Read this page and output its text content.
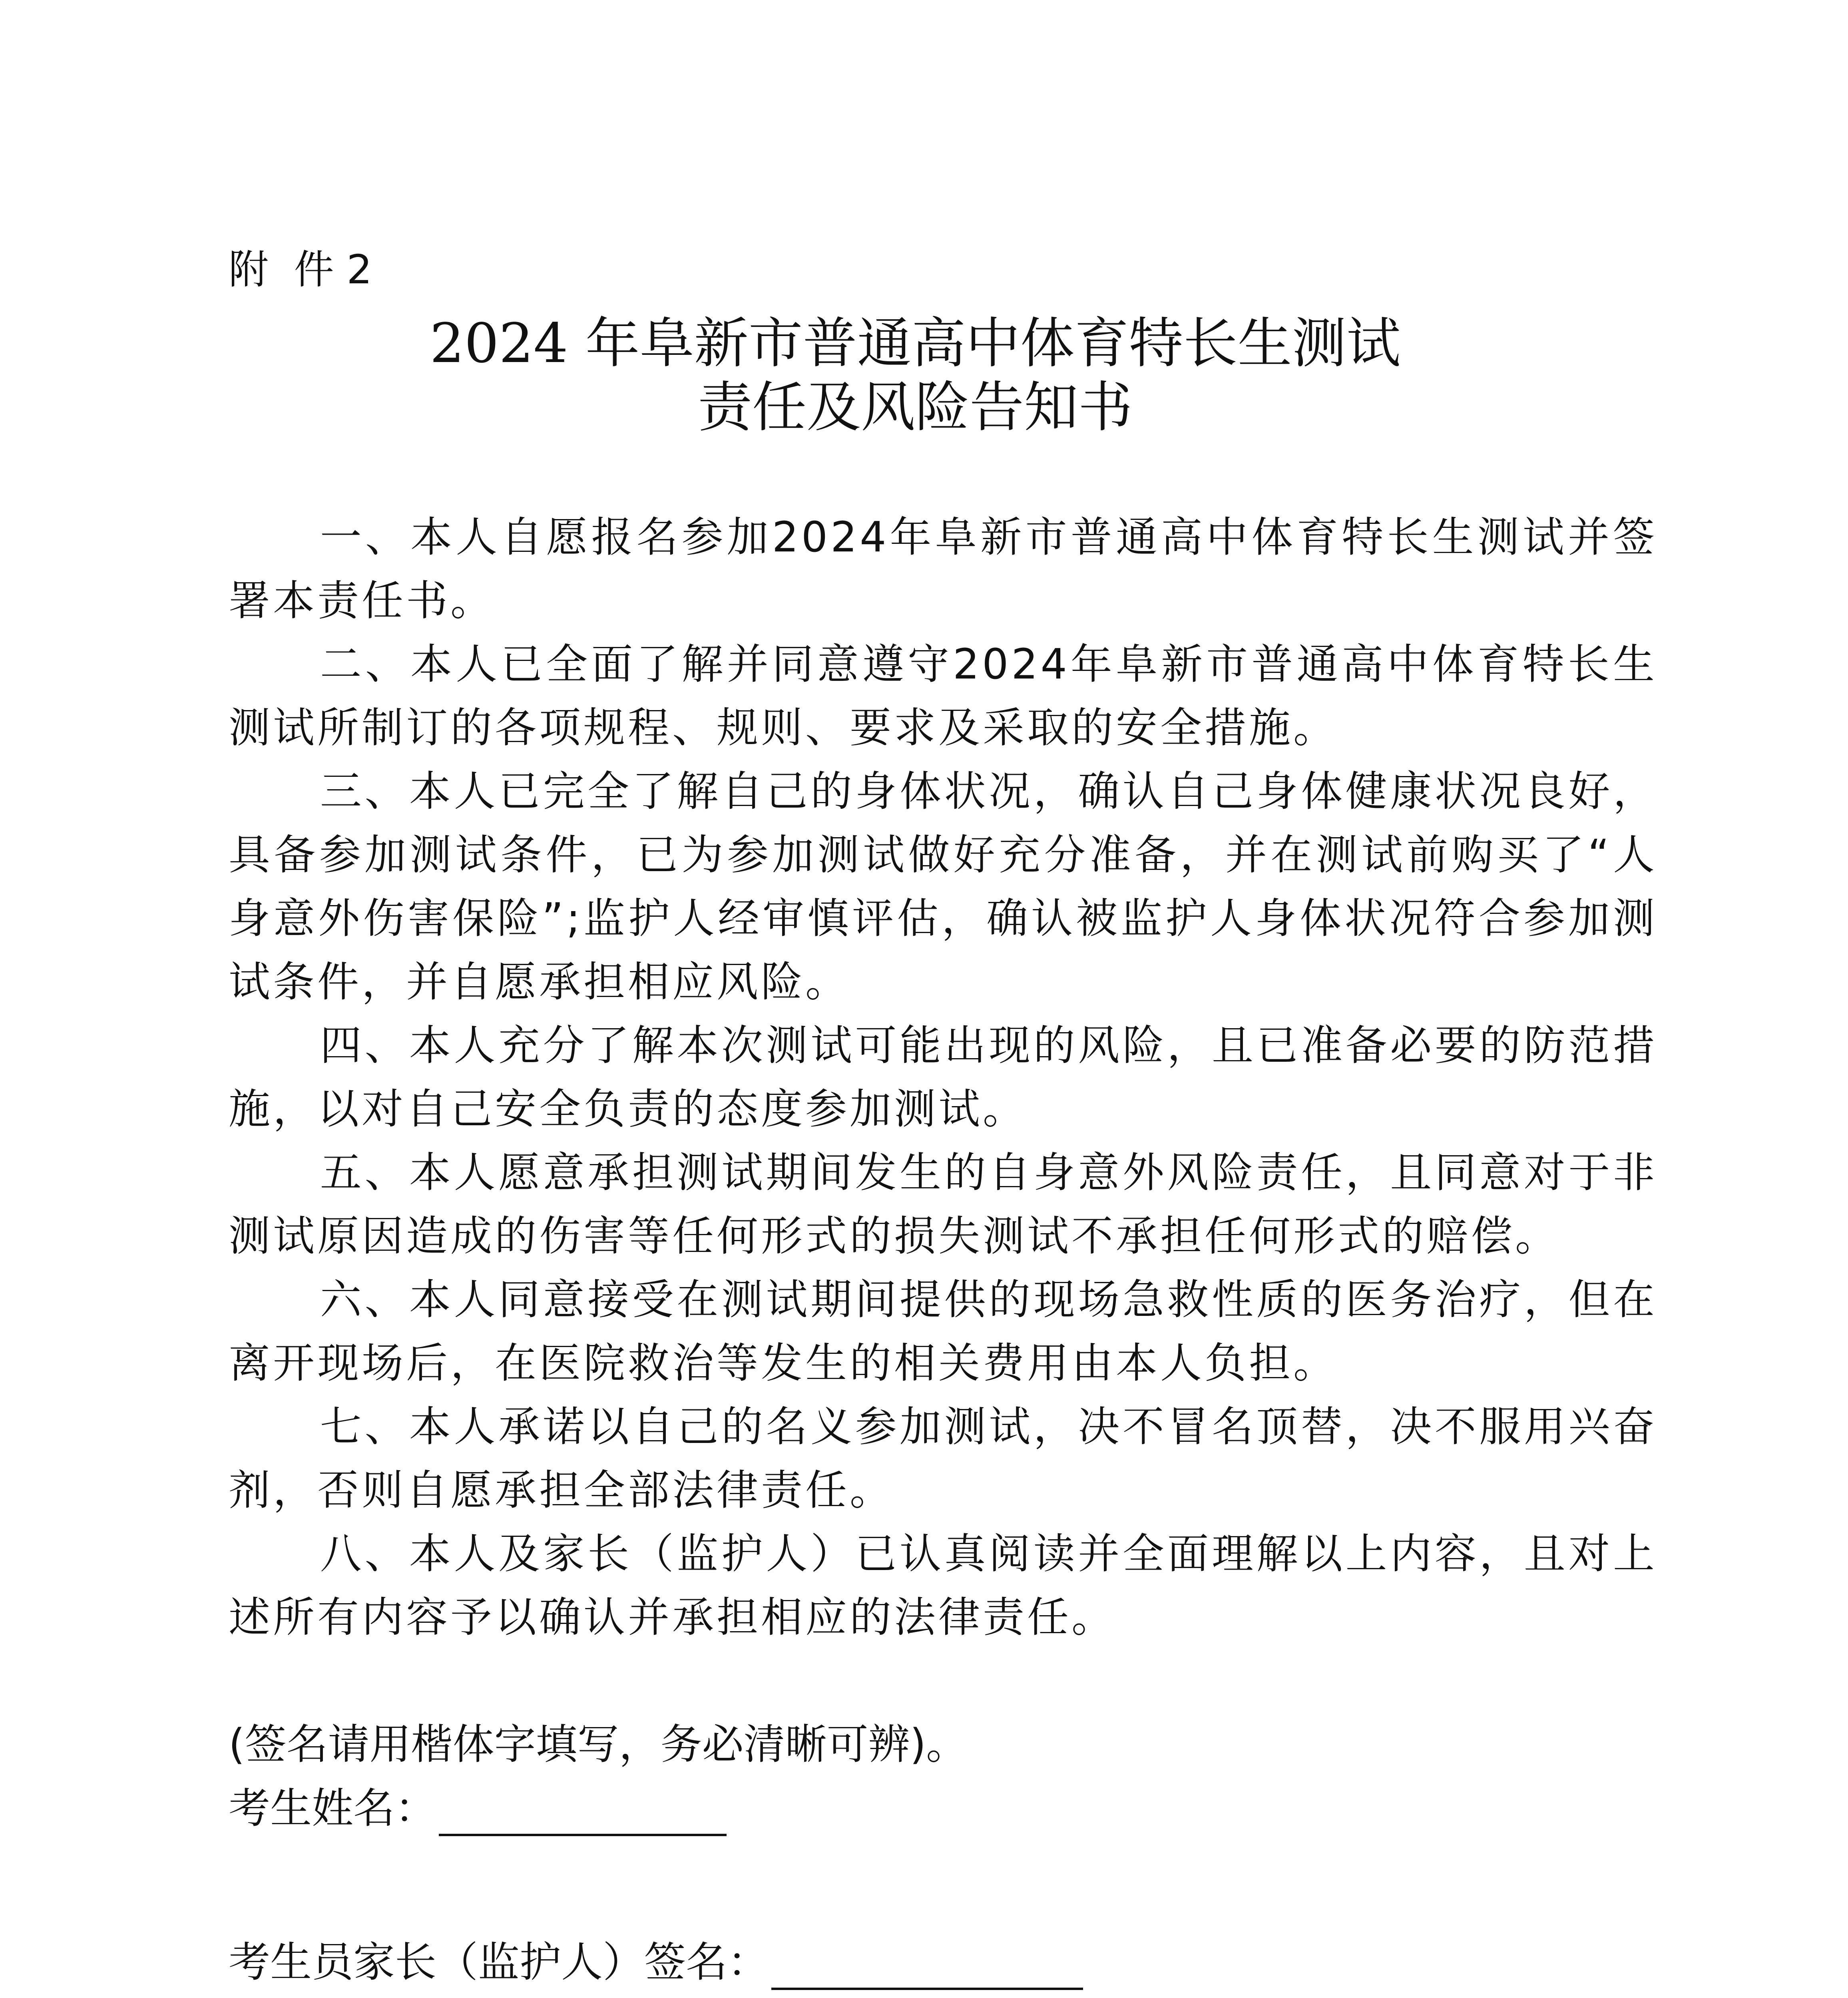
附  件 2
2024 年阜新市普通高中体育特长生测试
责任及风险告知书

一、本人自愿报名参加2024年阜新市普通高中体育特长生测试并签署本责任书。

二、本人已全面了解并同意遵守2024年阜新市普通高中体育特长生测试所制订的各项规程、规则、要求及采取的安全措施。

三、本人已完全了解自己的身体状况，确认自己身体健康状况良好，具备参加测试条件，已为参加测试做好充分准备，并在测试前购买了“人身意外伤害保险”;监护人经审慎评估，确认被监护人身体状况符合参加测试条件，并自愿承担相应风险。

四、本人充分了解本次测试可能出现的风险，且已准备必要的防范措施，以对自己安全负责的态度参加测试。

五、本人愿意承担测试期间发生的自身意外风险责任，且同意对于非测试原因造成的伤害等任何形式的损失测试不承担任何形式的赔偿。

六、本人同意接受在测试期间提供的现场急救性质的医务治疗，但在离开现场后，在医院救治等发生的相关费用由本人负担。

七、本人承诺以自己的名义参加测试，决不冒名顶替，决不服用兴奋剂，否则自愿承担全部法律责任。

八、本人及家长（监护人）已认真阅读并全面理解以上内容，且对上述所有内容予以确认并承担相应的法律责任。

(签名请用楷体字填写，务必清晰可辨)。
考生姓名：
考生员家长（监护人）签名：
